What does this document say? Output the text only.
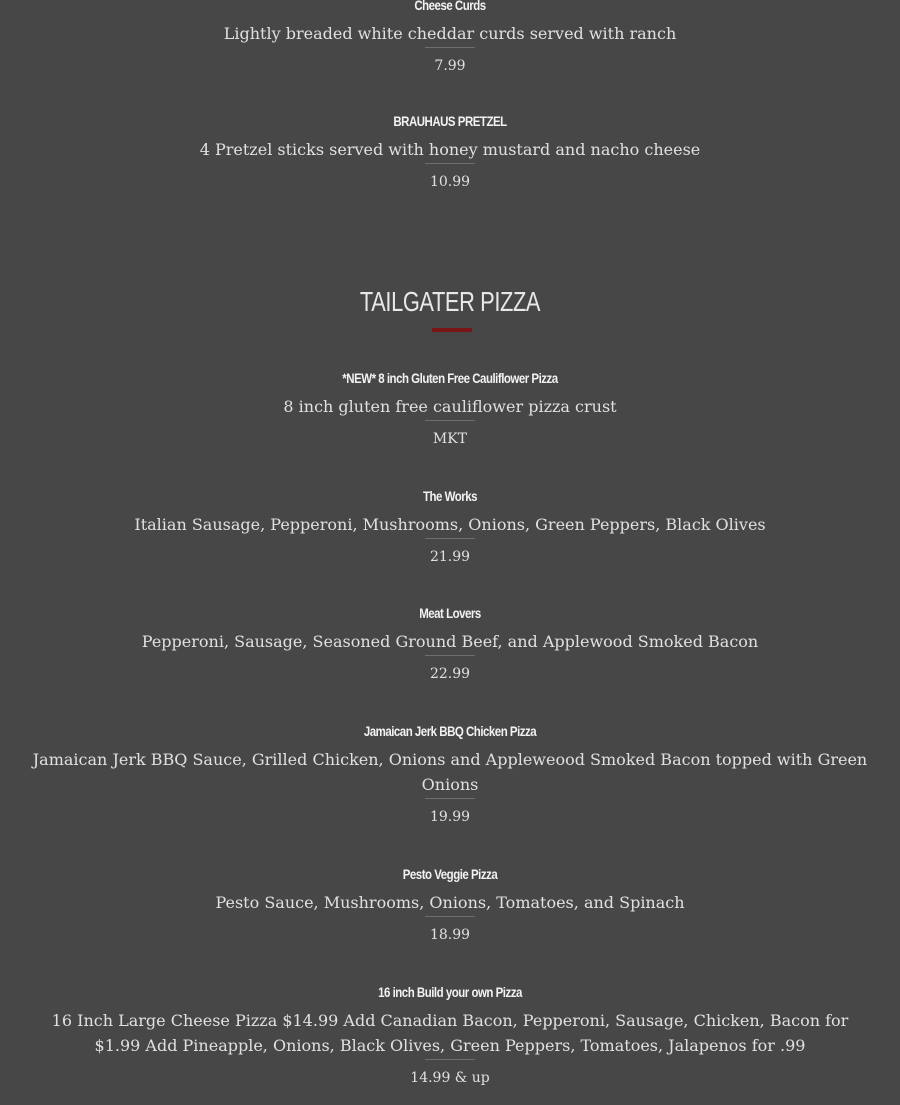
Cheese Curds
Lightly breaded white cheddar curds served with ranch
7.99
BRAUHAUS PRETZEL
4 Pretzel sticks served with honey mustard and nacho cheese
10.99
TAILGATER PIZZA
*NEW* 8 inch Gluten Free Cauliflower Pizza
8 inch gluten free cauliflower pizza crust
MKT
The Works
Italian Sausage, Pepperoni, Mushrooms, Onions, Green Peppers, Black Olives
21.99
Meat Lovers
Pepperoni, Sausage, Seasoned Ground Beef, and Applewood Smoked Bacon
22.99
Jamaican Jerk BBQ Chicken Pizza
Jamaican Jerk BBQ Sauce, Grilled Chicken, Onions and Appleweood Smoked Bacon topped with Green Onions
19.99
Pesto Veggie Pizza
Pesto Sauce, Mushrooms, Onions, Tomatoes, and Spinach
18.99
16 inch Build your own Pizza
16 Inch Large Cheese Pizza $14.99 Add Canadian Bacon, Pepperoni, Sausage, Chicken, Bacon for $1.99 Add Pineapple, Onions, Black Olives, Green Peppers, Tomatoes, Jalapenos for .99
14.99 & up
